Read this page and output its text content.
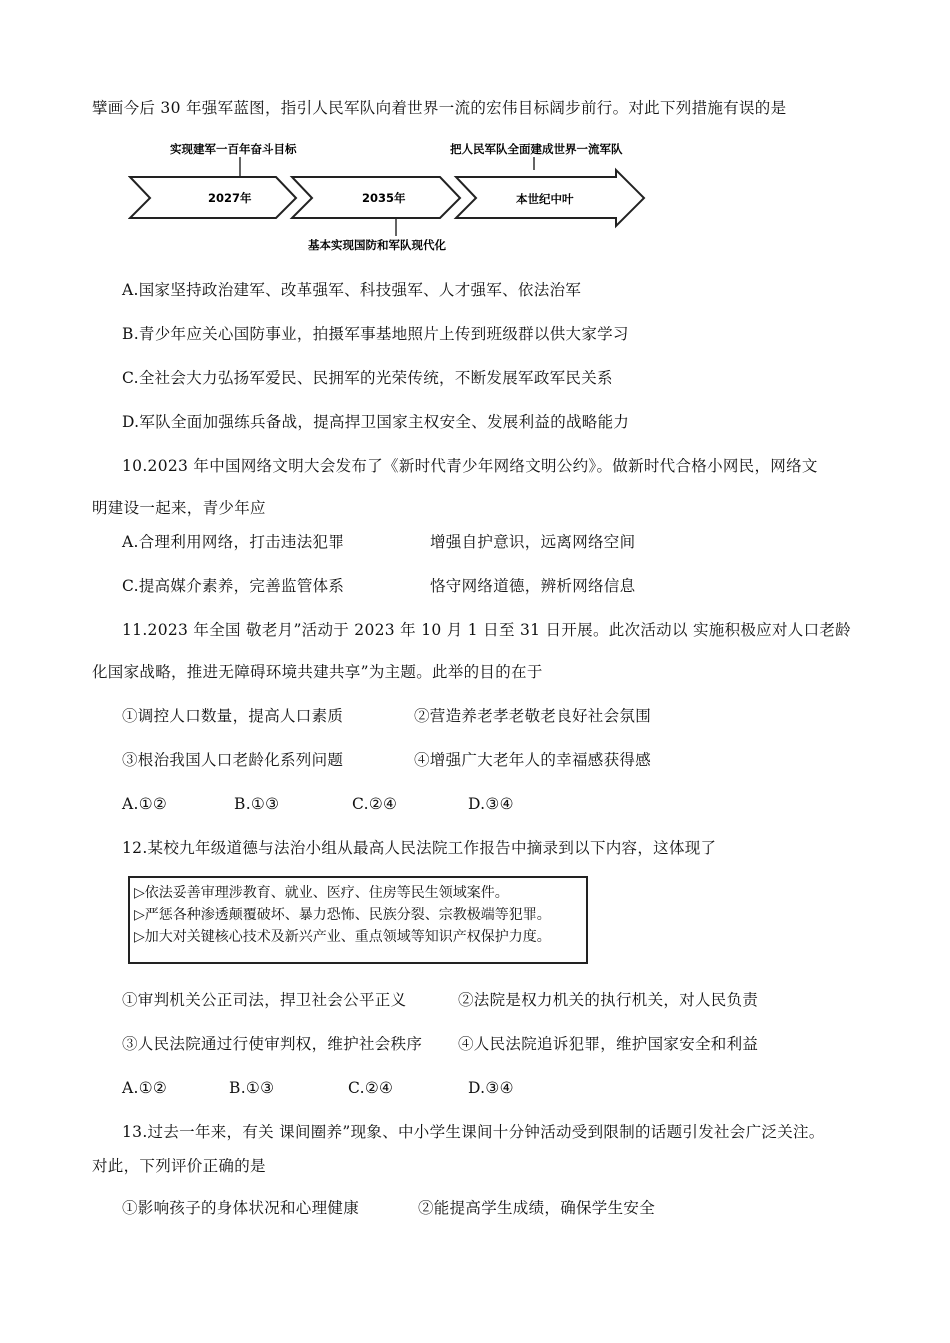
擘画今后 30 年强军蓝图，指引人民军队向着世界一流的宏伟目标阔步前行。对此下列措施有误的是
实现建军一百年奋斗目标	把人民军队全面建成世界一流军队
2027年	2035年	本世纪中叶
基本实现国防和军队现代化
A.国家坚持政治建军、改革强军、科技强军、人才强军、依法治军
B.青少年应关心国防事业，拍摄军事基地照片上传到班级群以供大家学习
C.全社会大力弘扬军爱民、民拥军的光荣传统，不断发展军政军民关系
D.军队全面加强练兵备战，提高捍卫国家主权安全、发展利益的战略能力
10.2023 年中国网络文明大会发布了《新时代青少年网络文明公约》。做新时代合格小网民，网络文
明建设一起来，青少年应
A.合理利用网络，打击违法犯罪	增强自护意识，远离网络空间
C.提高媒介素养，完善监管体系	恪守网络道德，辨析网络信息
11.2023 年全国 敬老月”活动于 2023 年 10 月 1 日至 31 日开展。此次活动以 实施积极应对人口老龄
化国家战略，推进无障碍环境共建共享”为主题。此举的目的在于
①调控人口数量，提高人口素质	②营造养老孝老敬老良好社会氛围
③根治我国人口老龄化系列问题	④增强广大老年人的幸福感获得感
A.①②	B.①③	C.②④	D.③④
12.某校九年级道德与法治小组从最高人民法院工作报告中摘录到以下内容，这体现了
▷依法妥善审理涉教育、就业、医疗、住房等民生领域案件。
▷严惩各种渗透颠覆破坏、暴力恐怖、民族分裂、宗教极端等犯罪。
▷加大对关键核心技术及新兴产业、重点领域等知识产权保护力度。
①审判机关公正司法，捍卫社会公平正义	②法院是权力机关的执行机关，对人民负责
③人民法院通过行使审判权，维护社会秩序 ④人民法院追诉犯罪，维护国家安全和利益
A.①②	B.①③	C.②④	D.③④
13.过去一年来，有关 课间圈养”现象、中小学生课间十分钟活动受到限制的话题引发社会广泛关注。
对此，下列评价正确的是
①影响孩子的身体状况和心理健康	②能提高学生成绩，确保学生安全
